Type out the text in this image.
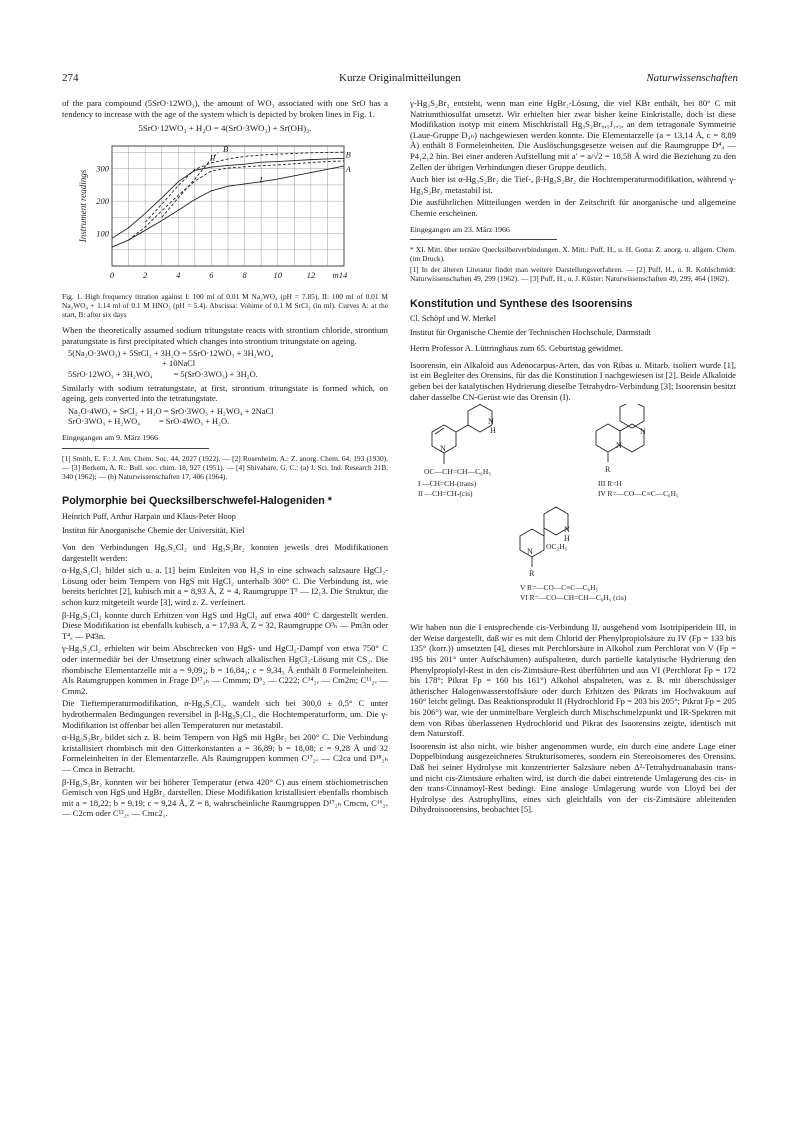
274	Kurze Originalmitteilungen	Naturwissenschaften

of the para compound (5SrO·12WO₃), the amount of WO₃ associated with one SrO has a tendency to increase with the age of the system which is depicted by broken lines in Fig. 1.

5SrO·12WO₃ + H₂O = 4(SrO·3WO₃) + Sr(OH)₂.
I
II
A
B
B
0	2	4	6	8	10	12 m14
100
200
300
Instrument readings

Fig. 1. High frequency titration against I: 100 ml of 0.01 M Na₂WO₄ (pH = 7.85), II: 100 ml of 0.01 M Na₂WO₄ + 1.14 ml of 0.1 M HNO₃ (pH = 5.4). Abscissa: Volume of 0.1 M SrCl₂ (in ml). Curves A: at the start, B: after six days

When the theoretically assumed sodium tritungstate reacts with strontium chloride, strontium paratungstate is first precipitated which changes into strontium tritungstate on ageing.

5(Na₂O·3WO₃) + 5SrCl₂ + 3H₂O = 5SrO·12WO₃ + 3H₂WO₄
+ 10NaCl
5SrO·12WO₃ + 3H₂WO₄          = 5(SrO·3WO₃) + 3H₂O.

Similarly with sodium tetratungstate, at first, strontium tritungstate is formed which, on ageing, gets converted into the tetratungstate.

Na₂O·4WO₃ + SrCl₂ + H₂O = SrO·3WO₃ + H₂WO₄ + 2NaCl
SrO·3WO₃ + H₂WO₄         = SrO·4WO₃ + H₂O.
Eingegangen am 9. März 1966

[1] Smith, E. F.: J. Am. Chem. Soc. 44, 2027 (1922). — [2] Rosenheim, A.: Z. anorg. Chem. 64, 193 (1930). — [3] Berkem, A. R.: Bull. soc. chim. 18, 927 (1951). — [4] Shivahare, G. C.: (a) J. Sci. Ind. Research 21B, 340 (1962); — (b) Naturwissenschaften 17, 406 (1964).

Polymorphie bei Quecksilberschwefel-Halogeniden *
Heinrich Puff, Arthur Harpain und Klaus-Peter Hoop
Institut für Anorganische Chemie der Universität, Kiel

Von den Verbindungen Hg₃S₂Cl₂ und Hg₃S₂Br₂ konnten jeweils drei Modifikationen dargestellt werden:

α-Hg₃S₂Cl₂ bildet sich u. a. [1] beim Einleiten von H₂S in eine schwach salzsaure HgCl₂-Lösung oder beim Tempern von HgS mit HgCl₂ unterhalb 300° C. Die Verbindung ist, wie bereits berichtet [2], kubisch mit a = 8,93 Å, Z = 4, Raumgruppe T⁵ — I2₁3. Die Struktur, die schon kurz mitgeteilt wurde [3], wird z. Z. verfeinert.

β-Hg₃S₂Cl₂ konnte durch Erhitzen von HgS und HgCl₂ auf etwa 400° C dargestellt werden. Diese Modifikation ist ebenfalls kubisch, a = 17,93 Å, Z = 32, Raumgruppe O⁹ₕ — Pm3n oder T⁴ₐ — P4̄3n.

γ-Hg₃S₂Cl₂ erhielten wir beim Abschrecken von HgS- und HgCl₂-Dampf von etwa 750° C oder intermediär bei der Umsetzung einer schwach alkalischen HgCl₂-Lösung mit CS₂. Die rhombische Elementarzelle mit a = 9,09₄; b = 16,84₃; c = 9,34₃ Å enthält 8 Formeleinheiten. Als Raumgruppen kommen in Frage D¹⁷₂ₕ — Cmmm; D⁶₂ — C222; C¹⁴₂ᵥ — Cm2m; C¹¹₂ᵥ — Cmm2.

Die Tieftemperaturmodifikation, α-Hg₃S₂Cl₂, wandelt sich bei 300,0 ± 0,5° C unter hydrothermalen Bedingungen reversibel in β-Hg₃S₂Cl₂, die Hochtemperaturform, um. Die γ-Modifikation ist offenbar bei allen Temperaturen nur metastabil.

α-Hg₃S₂Br₂ bildet sich z. B. beim Tempern von HgS mit HgBr₂ bei 200° C. Die Verbindung kristallisiert rhombisch mit den Gitterkonstanten a = 36,89; b = 18,08; c = 9,28 Å und 32 Formeleinheiten in der Elementarzelle. Als Raumgruppen kommen C¹⁷₂ᵥ — C2ca und D¹⁸₂ₕ — Cmca in Betracht.

β-Hg₃S₂Br₂ konnten wir bei höherer Temperatur (etwa 420° C) aus einem stöchiometrischen Gemisch von HgS und HgBr₂ darstellen. Diese Modifikation kristallisiert ebenfalls rhombisch mit a = 18,22; b = 9,19; c = 9,24 Å, Z = 8, wahrscheinliche Raumgruppen D¹⁷₂ₕ Cmcm, C¹⁶₂ᵥ — C2cm oder C¹²₂ᵥ — Cmc2₁.

γ-Hg₃S₂Br₂ entsteht, wenn man eine HgBr₂-Lösung, die viel KBr enthält, bei 80° C mit Natriumthiosulfat umsetzt. Wir erhielten hier zwar bisher keine Einkristalle, doch ist diese Modifikation isotyp mit einem Mischkristall Hg₃S₂Br₀,₅J₁,₅, an dem tetragonale Symmetrie (Laue-Gruppe D₄ₕ) nachgewiesen werden konnte. Die Elementarzelle (a = 13,14 Å, c = 8,89 Å) enthält 8 Formeleinheiten. Die Auslöschungsgesetze weisen auf die Raumgruppe D⁴₄ — P4₁2₁2 hin. Bei einer anderen Aufstellung mit a′ = a/√2 = 18,58 Å wird die Beziehung zu den Zellen der übrigen Verbindungen dieser Gruppe deutlich.

Auch hier ist α-Hg₃S₂Br₂ die Tief-, β-Hg₃S₂Br₂ die Hochtemperaturmodifikation, während γ-Hg₃S₂Br₂ metastabil ist.

Die ausführlichen Mitteilungen werden in der Zeitschrift für anorganische und allgemeine Chemie erscheinen.

Eingegangen am 23. März 1966

* XI. Mitt. über ternäre Quecksilberverbindungen. X. Mitt.: Puff, H., u. H. Gotta: Z. anorg. u. allgem. Chem. (im Druck).

[1] In der älteren Literatur findet man weitere Darstellungsverfahren. — [2] Puff, H., u. R. Kohlschmidt: Naturwissenschaften 49, 299 (1962). — [3] Puff, H., u. J. Küster: Naturwissenschaften 49, 299, 464 (1962).

Konstitution und Synthese des Isoorensins
Cl. Schöpf und W. Merkel
Institut für Organische Chemie der Technischen Hochschule, Darmstadt
Herrn Professor A. Lüttringhaus zum 65. Geburtstag gewidmet.

Isoorensin, ein Alkaloid aus Adenocarpus-Arten, das von Ribas u. Mitarb. isoliert wurde [1], ist ein Begleiter des Orensins, für das die Konstitution I nachgewiesen ist [2]. Beide Alkaloide geben bei der katalytischen Hydrierung dieselbe Tetrahydro-Verbindung [3]; Isoorensin besitzt daher dasselbe CN-Gerüst wie das Orensin (I).

N
N
H
OC—CH=CH—C₆H₅
I —CH=CH-(trans)
II —CH=CH-(cis)
N
N
R
III R=H
IV R=—CO—C≡C—C₆H₅
N
N
H
OC₂H₅
R
V R=—CO—C≡C—C₆H₅
VI R=—CO—CH=CH—C₆H₅ (cis)

Wir haben nun die I entsprechende cis-Verbindung II, ausgehend vom Isotripiperidein III, in der Weise dargestellt, daß wir es mit dem Chlorid der Phenylpropiolsäure zu IV (Fp = 133 bis 135° (korr.)) umsetzten [4], dieses mit Perchlorsäure in Alkohol zum Perchlorat von V (Fp = 195 bis 201° unter Aufschäumen) aufspalteten, durch partielle katalytische Hydrierung den Phenylpropiolyl-Rest in den cis-Zimtsäure-Rest überführten und aus VI (Perchlorat Fp = 172 bis 178°; Pikrat Fp = 160 bis 161°) Alkohol abspalteten, was z. B. mit überschüssiger ätherischer Halogenwasserstoffsäure oder durch Erhitzen des Pikrats im Hochvakuum auf 160° leicht gelingt. Das Reaktionsprodukt II (Hydrochlorid Fp = 203 bis 205°; Pikrat Fp = 205 bis 206°) war, wie der unmittelbare Vergleich durch Mischschmelzpunkt und IR-Spektren mit dem von Ribas überlassenen Hydrochlorid und Pikrat des Isoorensins zeigte, identisch mit dem Naturstoff.

Isoorensin ist also nicht, wie bisher angenommen wurde, ein durch eine andere Lage einer Doppelbindung ausgezeichnetes Strukturisomeres, sondern ein Stereoisomeres des Orensins. Daß bei seiner Hydrolyse mit konzentrierter Salzsäure neben Δ²-Tetrahydroanabasin trans- und nicht cis-Zimtsäure erhalten wird, ist durch die dabei eintretende Umlagerung des cis- in den trans-Cinnamoyl-Rest bedingt. Eine analoge Umlagerung wurde von Lloyd bei der Hydrolyse des Astrophyllins, eines sich gleichfalls von der cis-Zimtsäure ableitenden Dihydroisoorensins, beobachtet [5].
